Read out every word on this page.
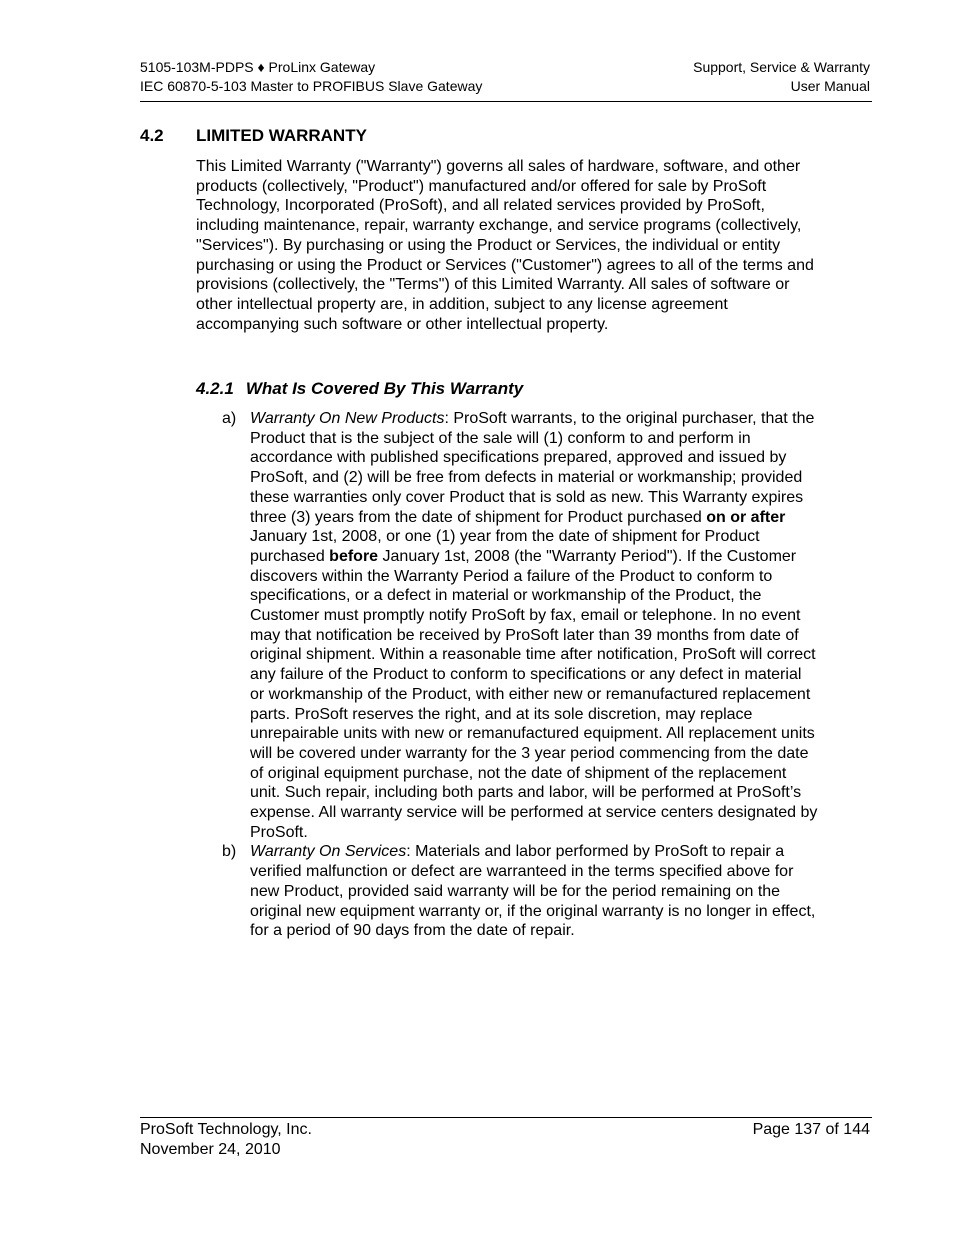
5105-103M-PDPS ♦ ProLinx Gateway
IEC 60870-5-103 Master to PROFIBUS Slave Gateway
Support, Service & Warranty
User Manual
4.2 LIMITED WARRANTY

This Limited Warranty ("Warranty") governs all sales of hardware, software, and other products (collectively, "Product") manufactured and/or offered for sale by ProSoft Technology, Incorporated (ProSoft), and all related services provided by ProSoft, including maintenance, repair, warranty exchange, and service programs (collectively, "Services"). By purchasing or using the Product or Services, the individual or entity purchasing or using the Product or Services ("Customer") agrees to all of the terms and provisions (collectively, the "Terms") of this Limited Warranty. All sales of software or other intellectual property are, in addition, subject to any license agreement accompanying such software or other intellectual property.

4.2.1 What Is Covered By This Warranty
a) Warranty On New Products: ProSoft warrants, to the original purchaser, that the Product that is the subject of the sale will (1) conform to and perform in accordance with published specifications prepared, approved and issued by ProSoft, and (2) will be free from defects in material or workmanship; provided these warranties only cover Product that is sold as new. This Warranty expires three (3) years from the date of shipment for Product purchased on or after January 1st, 2008, or one (1) year from the date of shipment for Product purchased before January 1st, 2008 (the "Warranty Period"). If the Customer discovers within the Warranty Period a failure of the Product to conform to specifications, or a defect in material or workmanship of the Product, the Customer must promptly notify ProSoft by fax, email or telephone. In no event may that notification be received by ProSoft later than 39 months from date of original shipment. Within a reasonable time after notification, ProSoft will correct any failure of the Product to conform to specifications or any defect in material or workmanship of the Product, with either new or remanufactured replacement parts. ProSoft reserves the right, and at its sole discretion, may replace unrepairable units with new or remanufactured equipment. All replacement units will be covered under warranty for the 3 year period commencing from the date of original equipment purchase, not the date of shipment of the replacement unit. Such repair, including both parts and labor, will be performed at ProSoft’s expense. All warranty service will be performed at service centers designated by ProSoft.
b) Warranty On Services: Materials and labor performed by ProSoft to repair a verified malfunction or defect are warranteed in the terms specified above for new Product, provided said warranty will be for the period remaining on the original new equipment warranty or, if the original warranty is no longer in effect, for a period of 90 days from the date of repair.
ProSoft Technology, Inc.
November 24, 2010
Page 137 of 144
